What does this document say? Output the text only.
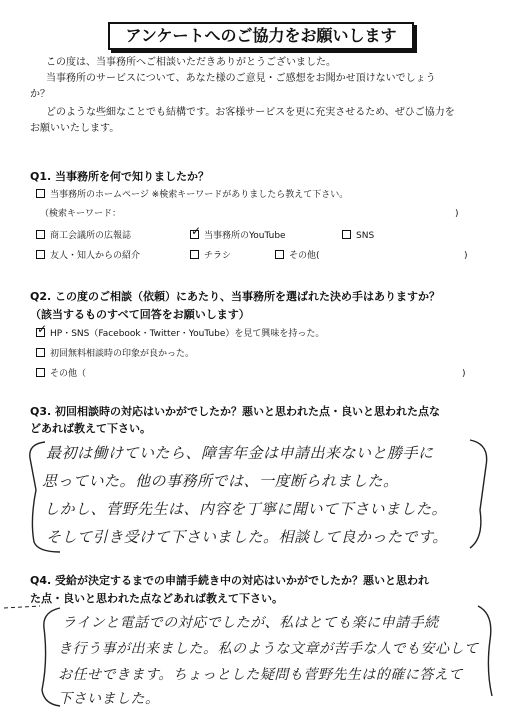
アンケートへのご協力をお願いします
この度は、当事務所へご相談いただきありがとうございました。
当事務所のサービスについて、あなた様のご意見・ご感想をお聞かせ頂けないでしょう
か？
どのような些細なことでも結構です。お客様サービスを更に充実させるため、ぜひご協力を
お願いいたします。
Q1. 当事務所を何で知りましたか？
当事務所のホームページ ※検索キーワードがありましたら教えて下さい。
（検索キーワード：	)
商工会議所の広報誌	✓ 当事務所のYouTube	SNS
友人・知人からの紹介	チラシ	その他(	)
Q2. この度のご相談（依頼）にあたり、当事務所を選ばれた決め手はありますか？
（該当するものすべて回答をお願いします）
✓ HP・SNS（Facebook・Twitter・YouTube）を見て興味を持った。
初回無料相談時の印象が良かった。
その他（	)
Q3. 初回相談時の対応はいかがでしたか？悪いと思われた点・良いと思われた点な
どあれば教えて下さい。
最初は働けていたら、障害年金は申請出来ないと勝手に
思っていた。他の事務所では、一度断られました。
しかし、菅野先生は、内容を丁寧に聞いて下さいました。
そして引き受けて下さいました。相談して良かったです。
Q4. 受給が決定するまでの申請手続き中の対応はいかがでしたか？悪いと思われ
た点・良いと思われた点などあれば教えて下さい。
ラインと電話での対応でしたが、私はとても楽に申請手続
き行う事が出来ました。私のような文章が苦手な人でも安心して
お任せできます。ちょっとした疑問も菅野先生は的確に答えて
下さいました。
